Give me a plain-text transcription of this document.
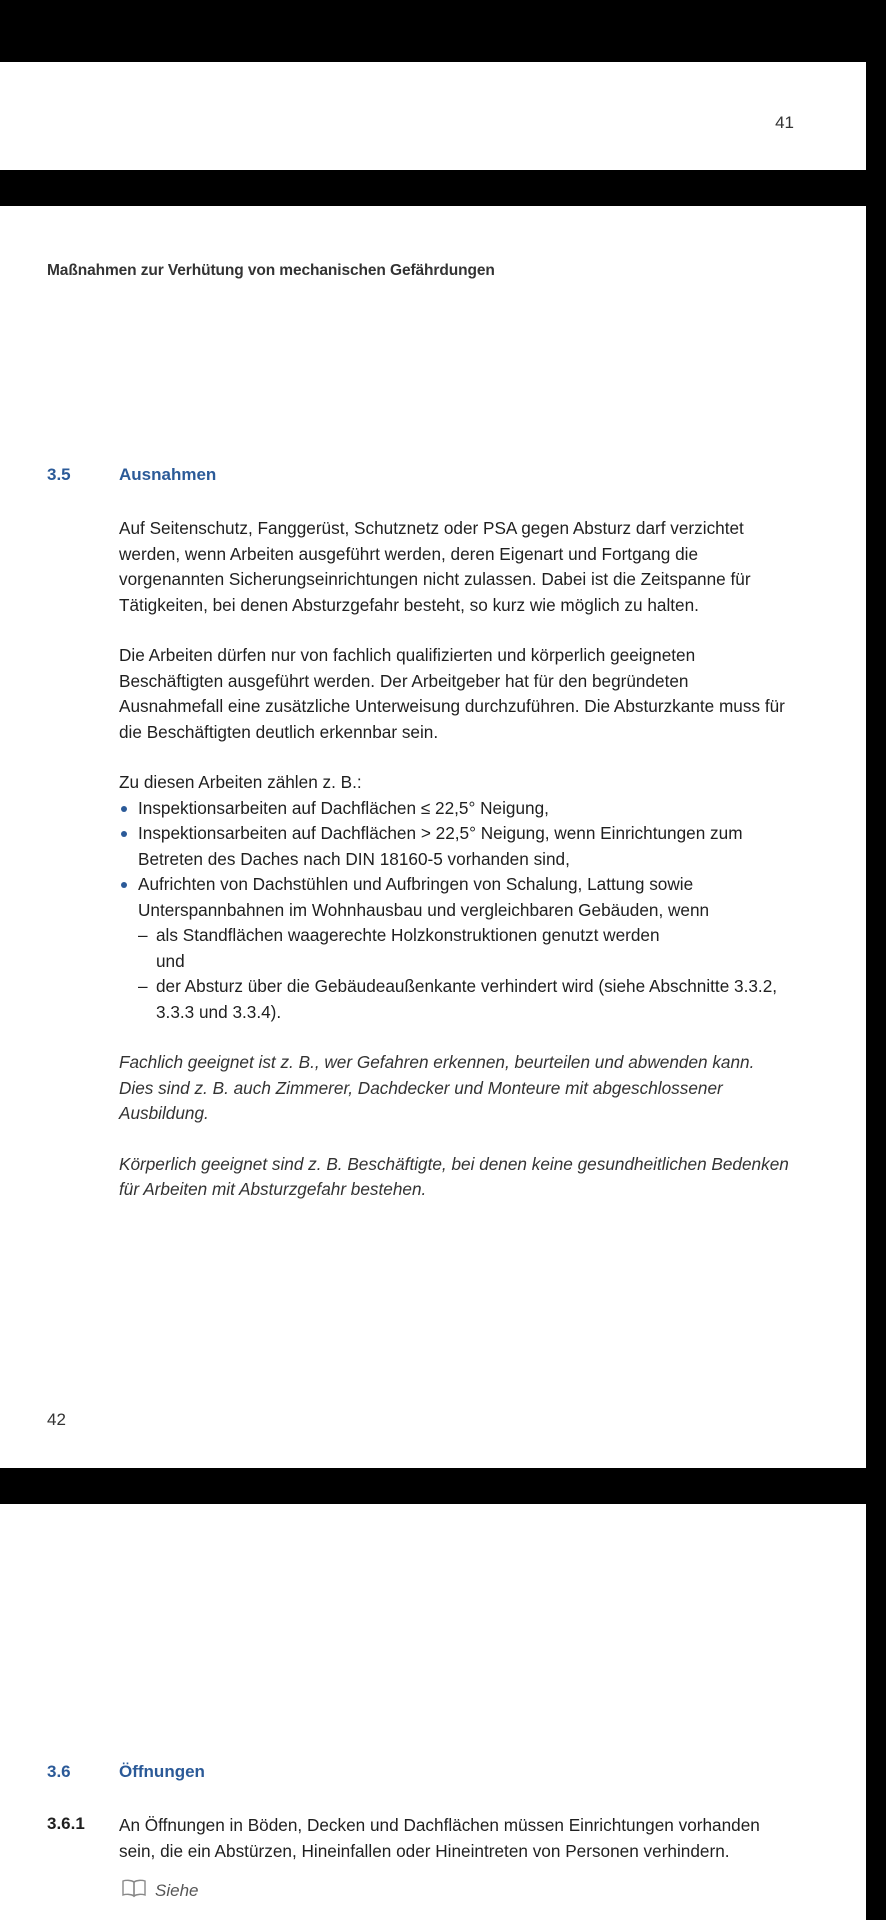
41
Maßnahmen zur Verhütung von mechanischen Gefährdungen
3.5	Ausnahmen

Auf Seitenschutz, Fanggerüst, Schutznetz oder PSA gegen Absturz darf verzichtet werden, wenn Arbeiten ausgeführt werden, deren Eigenart und Fortgang die vorgenannten Sicherungseinrichtungen nicht zulassen. Dabei ist die Zeitspanne für Tätigkeiten, bei denen Absturzgefahr besteht, so kurz wie möglich zu halten.

Die Arbeiten dürfen nur von fachlich qualifizierten und körperlich geeigneten Beschäftigten ausgeführt werden. Der Arbeitgeber hat für den begründeten Ausnahmefall eine zusätzliche Unterweisung durchzuführen. Die Absturzkante muss für die Beschäftigten deutlich erkennbar sein.

Zu diesen Arbeiten zählen z. B.:

Inspektionsarbeiten auf Dachflächen ≤ 22,5° Neigung,
Inspektionsarbeiten auf Dachflächen > 22,5° Neigung, wenn Einrichtungen zum Betreten des Daches nach DIN 18160-5 vorhanden sind,
Aufrichten von Dachstühlen und Aufbringen von Schalung, Lattung sowie Unterspannbahnen im Wohnhausbau und vergleichbaren Gebäuden, wenn
– als Standflächen waagerechte Holzkonstruktionen genutzt werden
und
– der Absturz über die Gebäudeaußenkante verhindert wird (siehe Abschnitte 3.3.2, 3.3.3 und 3.3.4).

Fachlich geeignet ist z. B., wer Gefahren erkennen, beurteilen und abwenden kann. Dies sind z. B. auch Zimmerer, Dachdecker und Monteure mit abgeschlossener Ausbildung.

Körperlich geeignet sind z. B. Beschäftigte, bei denen keine gesundheitlichen Bedenken für Arbeiten mit Absturzgefahr bestehen.

42
3.6	Öffnungen
3.6.1 An Öffnungen in Böden, Decken und Dachflächen müssen Einrichtungen vorhanden sein, die ein Abstürzen, Hineinfallen oder Hineintreten von Personen verhindern.
Siehe
